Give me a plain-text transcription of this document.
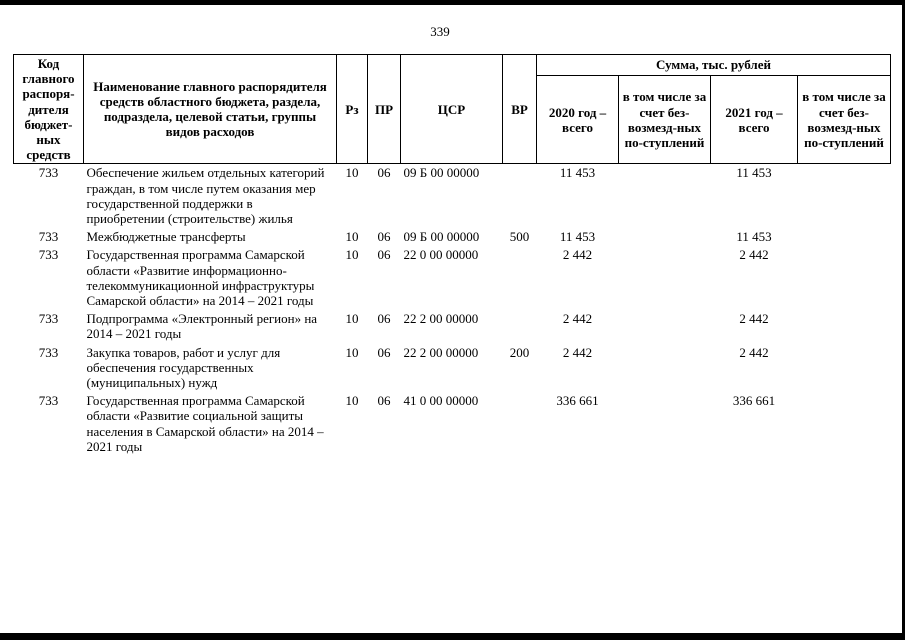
339
Код главного распоря-дителя бюджет-ных средств	Наименование главного распорядителя средств областного бюджета, раздела, подраздела, целевой статьи, группы видов расходов	Рз	ПР	ЦСР	ВР	Сумма, тыс. рублей			
						2020 год – всего	в том числе за счет без-возмезд-ных по-ступлений	2021 год – всего	в том числе за счет без-возмезд-ных по-ступлений
733	Обеспечение жильем отдельных категорий граждан, в том числе путем оказания мер государственной поддержки в приобретении (строительстве) жилья	10	06	09 Б 00 00000		11 453		11 453	
733	Межбюджетные трансферты	10	06	09 Б 00 00000	500	11 453		11 453	
733	Государственная программа Самарской области «Развитие информационно-телекоммуникационной инфраструктуры Самарской области» на 2014 – 2021 годы	10	06	22 0 00 00000		2 442		2 442	
733	Подпрограмма «Электронный регион» на 2014 – 2021 годы	10	06	22 2 00 00000		2 442		2 442	
733	Закупка товаров, работ и услуг для обеспечения государственных (муниципальных) нужд	10	06	22 2 00 00000	200	2 442		2 442	
733	Государственная программа Самарской области «Развитие социальной защиты населения в Самарской области» на 2014 – 2021 годы	10	06	41 0 00 00000		336 661		336 661	
